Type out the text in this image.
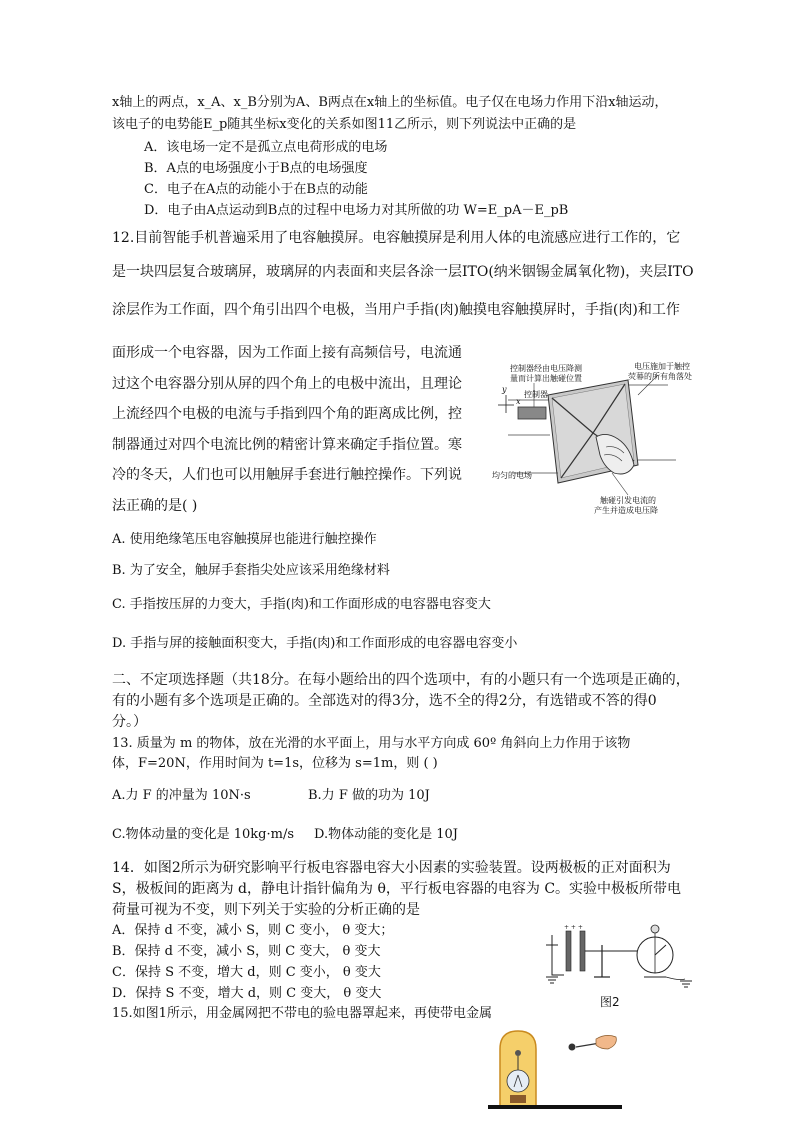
x轴上的两点，x_A、x_B分别为A、B两点在x轴上的坐标值。电子仅在电场力作用下沿x轴运动，
该电子的电势能E_p随其坐标x变化的关系如图11乙所示，则下列说法中正确的是
A．该电场一定不是孤立点电荷形成的电场
B．A点的电场强度小于B点的电场强度
C．电子在A点的动能小于在B点的动能
D．电子由A点运动到B点的过程中电场力对其所做的功 W=E_pA－E_pB
12.目前智能手机普遍采用了电容触摸屏。电容触摸屏是利用人体的电流感应进行工作的，它
是一块四层复合玻璃屏，玻璃屏的内表面和夹层各涂一层ITO(纳米铟锡金属氧化物)，夹层ITO
涂层作为工作面，四个角引出四个电极，当用户手指(肉)触摸电容触摸屏时，手指(肉)和工作
面形成一个电容器，因为工作面上接有高频信号，电流通
过这个电容器分别从屏的四个角上的电极中流出，且理论
上流经四个电极的电流与手指到四个角的距离成比例，控
制器通过对四个电流比例的精密计算来确定手指位置。寒
冷的冬天，人们也可以用触屏手套进行触控操作。下列说
法正确的是( )
控制器经由电压降测
量而计算出触碰位置
控制器
电压施加于触控
荧幕的所有角落处
均匀的电场
触碰引发电流的
产生并造成电压降
x
y
A. 使用绝缘笔压电容触摸屏也能进行触控操作
B. 为了安全，触屏手套指尖处应该采用绝缘材料
C. 手指按压屏的力变大，手指(肉)和工作面形成的电容器电容变大
D. 手指与屏的接触面积变大，手指(肉)和工作面形成的电容器电容变小
二、不定项选择题（共18分。在每小题给出的四个选项中，有的小题只有一个选项是正确的，
有的小题有多个选项是正确的。全部选对的得3分，选不全的得2分，有选错或不答的得0
分。）
13. 质量为 m 的物体，放在光滑的水平面上，用与水平方向成 60º 角斜向上力作用于该物
体，F=20N，作用时间为 t=1s，位移为 s=1m，则 ( )
A.力 F 的冲量为 10N·s	B.力 F 做的功为 10J
C.物体动量的变化是 10kg·m/s D.物体动能的变化是 10J
14．如图2所示为研究影响平行板电容器电容大小因素的实验装置。设两极板的正对面积为
S，极板间的距离为 d，静电计指针偏角为 θ，平行板电容器的电容为 C。实验中极板所带电
荷量可视为不变，则下列关于实验的分析正确的是
A．保持 d 不变，减小 S，则 C 变小， θ 变大；
B．保持 d 不变，减小 S，则 C 变大， θ 变大
C．保持 S 不变，增大 d，则 C 变小， θ 变大
D．保持 S 不变，增大 d，则 C 变大， θ 变大
+ + +
图2
15.如图1所示，用金属网把不带电的验电器罩起来，再使带电金属
